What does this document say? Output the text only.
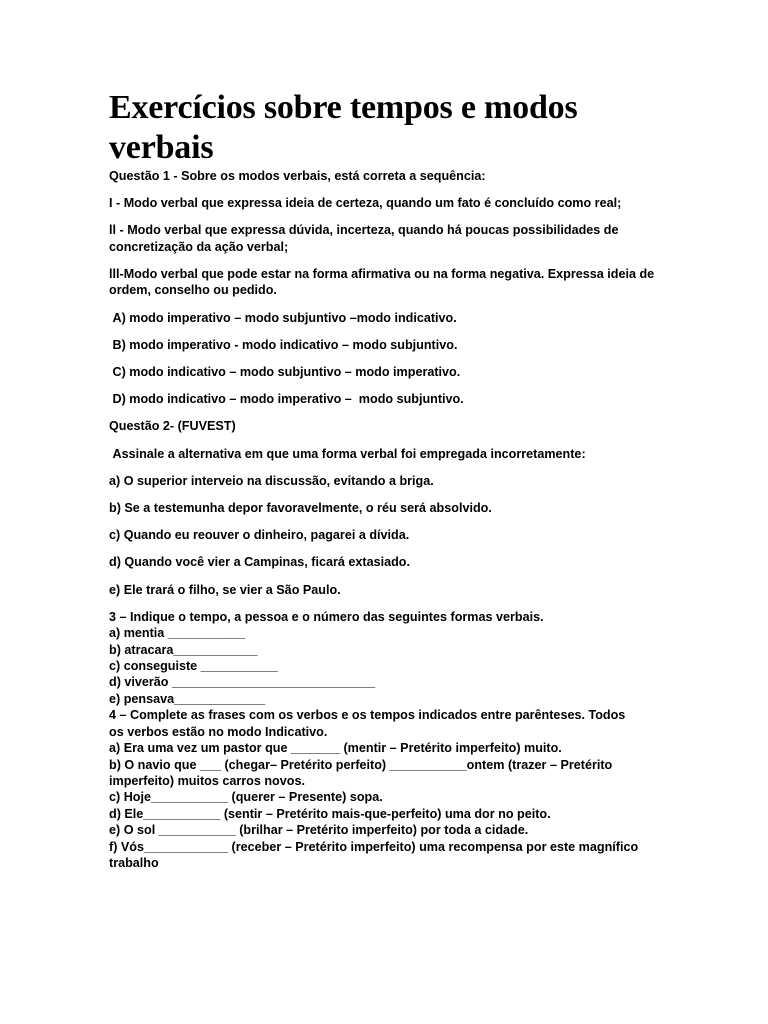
Exercícios sobre tempos e modos verbais
Questão 1 - Sobre os modos verbais, está correta a sequência:
I - Modo verbal que expressa ideia de certeza, quando um fato é concluído como real;
ll - Modo verbal que expressa dúvida, incerteza, quando há poucas possibilidades de concretização da ação verbal;
lll-Modo verbal que pode estar na forma afirmativa ou na forma negativa. Expressa ideia de ordem, conselho ou pedido.
A) modo imperativo – modo subjuntivo –modo indicativo.
B) modo imperativo - modo indicativo – modo subjuntivo.
C) modo indicativo – modo subjuntivo – modo imperativo.
D) modo indicativo – modo imperativo –  modo subjuntivo.
Questão 2- (FUVEST)
Assinale a alternativa em que uma forma verbal foi empregada incorretamente:
a) O superior interveio na discussão, evitando a briga.
b) Se a testemunha depor favoravelmente, o réu será absolvido.
c) Quando eu reouver o dinheiro, pagarei a dívida.
d) Quando você vier a Campinas, ficará extasiado.
e) Ele trará o filho, se vier a São Paulo.
3 – Indique o tempo, a pessoa e o número das seguintes formas verbais.
a) mentia ___________
b) atracara____________
c) conseguiste ___________
d) viverão _____________________________
e) pensava_____________
4 – Complete as frases com os verbos e os tempos indicados entre parênteses. Todos
os verbos estão no modo Indicativo.
a) Era uma vez um pastor que _______ (mentir – Pretérito imperfeito) muito.
b) O navio que ___ (chegar– Pretérito perfeito) ___________ontem (trazer – Pretérito
imperfeito) muitos carros novos.
c) Hoje___________ (querer – Presente) sopa.
d) Ele___________ (sentir – Pretérito mais-que-perfeito) uma dor no peito.
e) O sol ___________ (brilhar – Pretérito imperfeito) por toda a cidade.
f) Vós____________ (receber – Pretérito imperfeito) uma recompensa por este magnífico
trabalho
